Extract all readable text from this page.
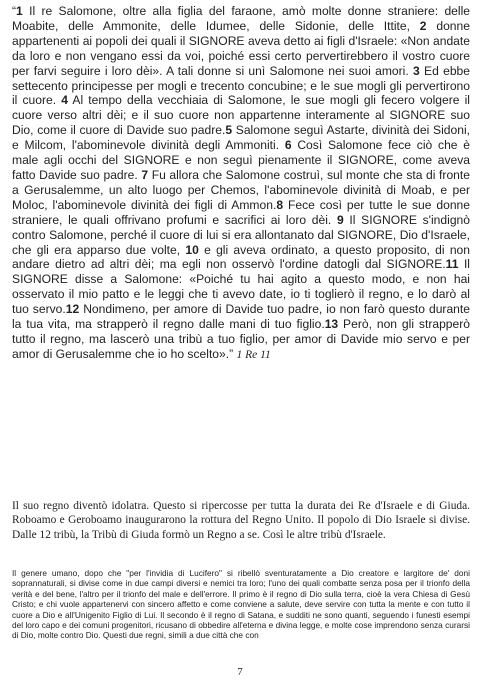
“1 Il re Salomone, oltre alla figlia del faraone, amò molte donne straniere: delle Moabite, delle Ammonite, delle Idumee, delle Sidonie, delle Ittite, 2 donne appartenenti ai popoli dei quali il SIGNORE aveva detto ai figli d'Israele: «Non andate da loro e non vengano essi da voi, poiché essi certo pervertirebbero il vostro cuore per farvi seguire i loro dèi». A tali donne si unì Salomone nei suoi amori. 3 Ed ebbe settecento principesse per mogli e trecento concubine; e le sue mogli gli pervertirono il cuore. 4 Al tempo della vecchiaia di Salomone, le sue mogli gli fecero volgere il cuore verso altri dèi; e il suo cuore non appartenne interamente al SIGNORE suo Dio, come il cuore di Davide suo padre.5 Salomone seguì Astarte, divinità dei Sidoni, e Milcom, l'abominevole divinità degli Ammoniti. 6 Così Salomone fece ciò che è male agli occhi del SIGNORE e non seguì pienamente il SIGNORE, come aveva fatto Davide suo padre. 7 Fu allora che Salomone costruì, sul monte che sta di fronte a Gerusalemme, un alto luogo per Chemos, l'abominevole divinità di Moab, e per Moloc, l'abominevole divinità dei figli di Ammon.8 Fece così per tutte le sue donne straniere, le quali offrivano profumi e sacrifici ai loro dèi. 9 Il SIGNORE s'indignò contro Salomone, perché il cuore di lui si era allontanato dal SIGNORE, Dio d'Israele, che gli era apparso due volte, 10 e gli aveva ordinato, a questo proposito, di non andare dietro ad altri dèi; ma egli non osservò l'ordine datogli dal SIGNORE.11 Il SIGNORE disse a Salomone: «Poiché tu hai agito a questo modo, e non hai osservato il mio patto e le leggi che ti avevo date, io ti toglierò il regno, e lo darò al tuo servo.12 Nondimeno, per amore di Davide tuo padre, io non farò questo durante la tua vita, ma strapperò il regno dalle mani di tuo figlio.13 Però, non gli strapperò tutto il regno, ma lascerò una tribù a tuo figlio, per amor di Davide mio servo e per amor di Gerusalemme che io ho scelto».” 1 Re 11
Il suo regno diventò idolatra. Questo si ripercosse per tutta la durata dei Re d'Israele e di Giuda. Roboamo e Geroboamo inaugurarono la rottura del Regno Unito. Il popolo di Dio Israele si divise. Dalle 12 tribù, la Tribù di Giuda formò un Regno a se. Così le altre tribù d'Israele.
Il genere umano, dopo che "per l'invidia di Lucifero" si ribellò sventuratamente a Dio creatore e largitore de' doni soprannaturali, si divise come in due campi diversi e nemici tra loro; l'uno dei quali combatte senza posa per il trionfo della verità e del bene, l'altro per il trionfo del male e dell'errore. Il primo è il regno di Dio sulla terra, cioè la vera Chiesa di Gesù Cristo; e chi vuole appartenervi con sincero affetto e come conviene a salute, deve servire con tutta la mente e con tutto il cuore a Dio e all'Unigenito Figlio di Lui. Il secondo è il regno di Satana, e sudditi ne sono quanti, seguendo i funesti esempi del loro capo e dei comuni progenitori, ricusano di obbedire all'eterna e divina legge, e molte cose imprendono senza curarsi di Dio, molte contro Dio. Questi due regni, simili a due città che con
7
